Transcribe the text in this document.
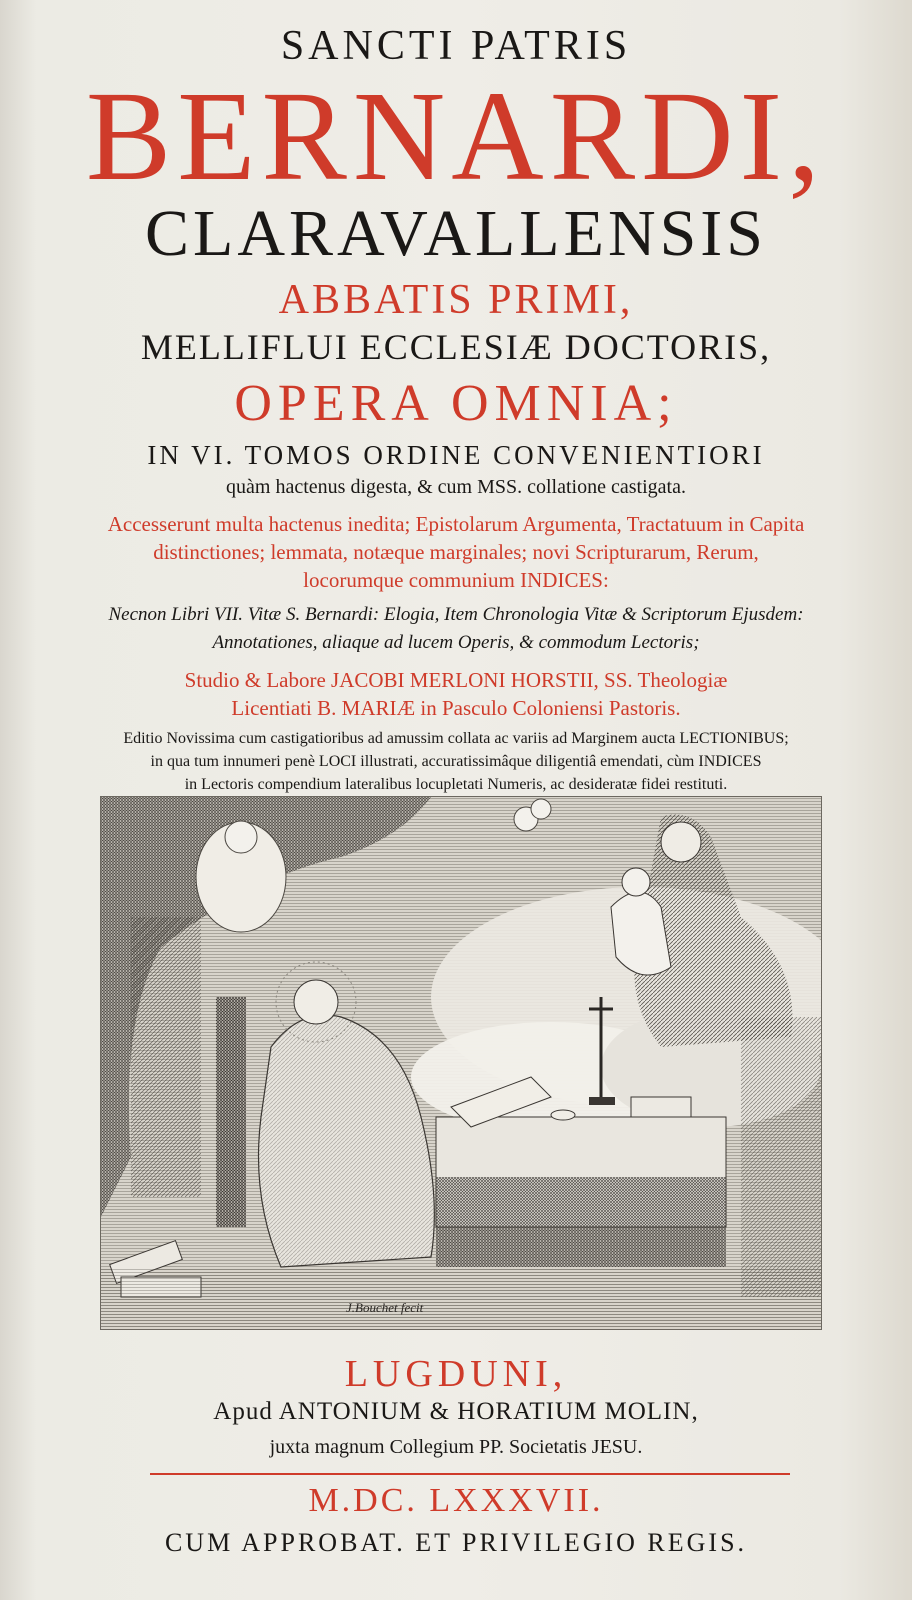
SANCTI PATRIS
BERNARDI,
CLARAVALLENSIS
ABBATIS PRIMI,
MELLIFLUI ECCLESIÆ DOCTORIS,
OPERA OMNIA;
IN VI. TOMOS ORDINE CONVENIENTIORI
quàm hactenus digesta, & cum MSS. collatione castigata.
Accesserunt multa hactenus inedita; Epistolarum Argumenta, Tractatuum in Capita
distinctiones; lemmata, notæque marginales; novi Scripturarum, Rerum,
locorumque communium INDICES:
Necnon Libri VII. Vitæ S. Bernardi: Elogia, Item Chronologia Vitæ & Scriptorum Ejusdem:
Annotationes, aliaque ad lucem Operis, & commodum Lectoris;
Studio & Labore JACOBI MERLONI HORSTII, SS. Theologiæ
Licentiati B. MARIÆ in Pasculo Coloniensi Pastoris.
Editio Novissima cum castigatioribus ad amussim collata ac variis ad Marginem aucta LECTIONIBUS;
in qua tum innumeri penè LOCI illustrati, accuratissimâque diligentiâ emendati, cùm INDICES
in Lectoris compendium lateralibus locupletati Numeris, ac desideratæ fidei restituti.
J.Bouchet fecit
LUGDUNI,
Apud ANTONIUM & HORATIUM MOLIN,
juxta magnum Collegium PP. Societatis JESU.
M.DC. LXXXVII.
CUM APPROBAT. ET PRIVILEGIO REGIS.
